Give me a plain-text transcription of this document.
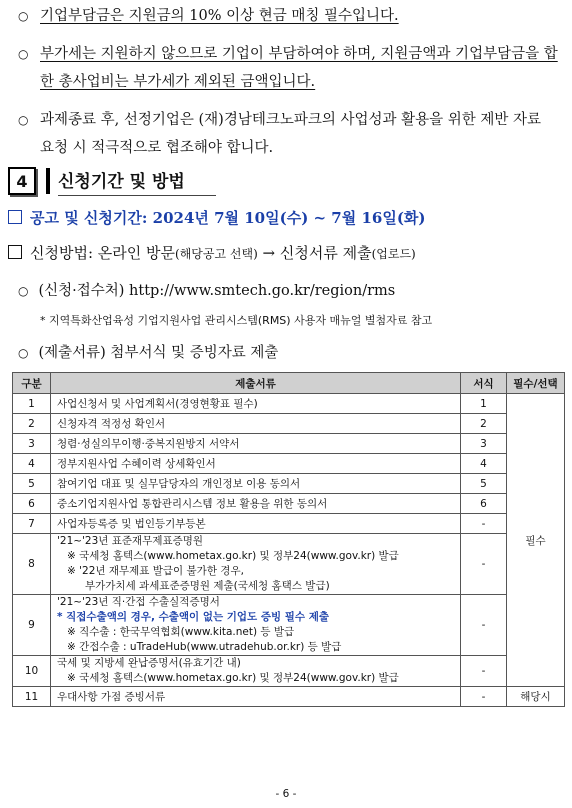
○ 기업부담금은 지원금의 10% 이상 현금 매칭 필수입니다.
○ 부가세는 지원하지 않으므로 기업이 부담하여야 하며, 지원금액과 기업부담금을 합한 총사업비는 부가세가 제외된 금액입니다.
○ 과제종료 후, 선정기업은 (재)경남테크노파크의 사업성과 활용을 위한 제반 자료 요청 시 적극적으로 협조해야 합니다.
4	신청기간 및 방법
공고 및 신청기간: 2024년 7월 10일(수) ~ 7월 16일(화)
신청방법: 온라인 방문(해당공고 선택) → 신청서류 제출(업로드)
○ (신청·접수처) http://www.smtech.go.kr/region/rms
* 지역특화산업육성 기업지원사업 관리시스템(RMS) 사용자 매뉴얼 별첨자료 참고
○ (제출서류) 첨부서식 및 증빙자료 제출
구분	제출서류	서식	필수/선택
1	사업신청서 및 사업계획서(경영현황표 필수)	1	필수
2	신청자격 적정성 확인서	2	
3	청렴·성실의무이행·중복지원방지 서약서	3	
4	정부지원사업 수혜이력 상세확인서	4	
5	참여기업 대표 및 실무담당자의 개인정보 이용 동의서	5	
6	중소기업지원사업 통합관리시스템 정보 활용을 위한 동의서	6	
7	사업자등록증 및 법인등기부등본	-	
8	'21~'23년 표준재무제표증명원
※ 국세청 홈텍스(www.hometax.go.kr) 및 정부24(www.gov.kr) 발급
※ '22년 재무제표 발급이 불가한 경우,
부가가치세 과세표준증명원 제출(국세청 홈택스 발급)	-	
9	'21~'23년 직·간접 수출실적증명서
* 직접수출액의 경우, 수출액이 없는 기업도 증빙 필수 제출
※ 직수출 : 한국무역협회(www.kita.net) 등 발급
※ 간접수출 : uTradeHub(www.utradehub.or.kr) 등 발급	-	
10	국세 및 지방세 완납증명서(유효기간 내)
※ 국세청 홈텍스(www.hometax.go.kr) 및 정부24(www.gov.kr) 발급	-	
11	우대사항 가점 증빙서류	-	해당시
- 6 -
